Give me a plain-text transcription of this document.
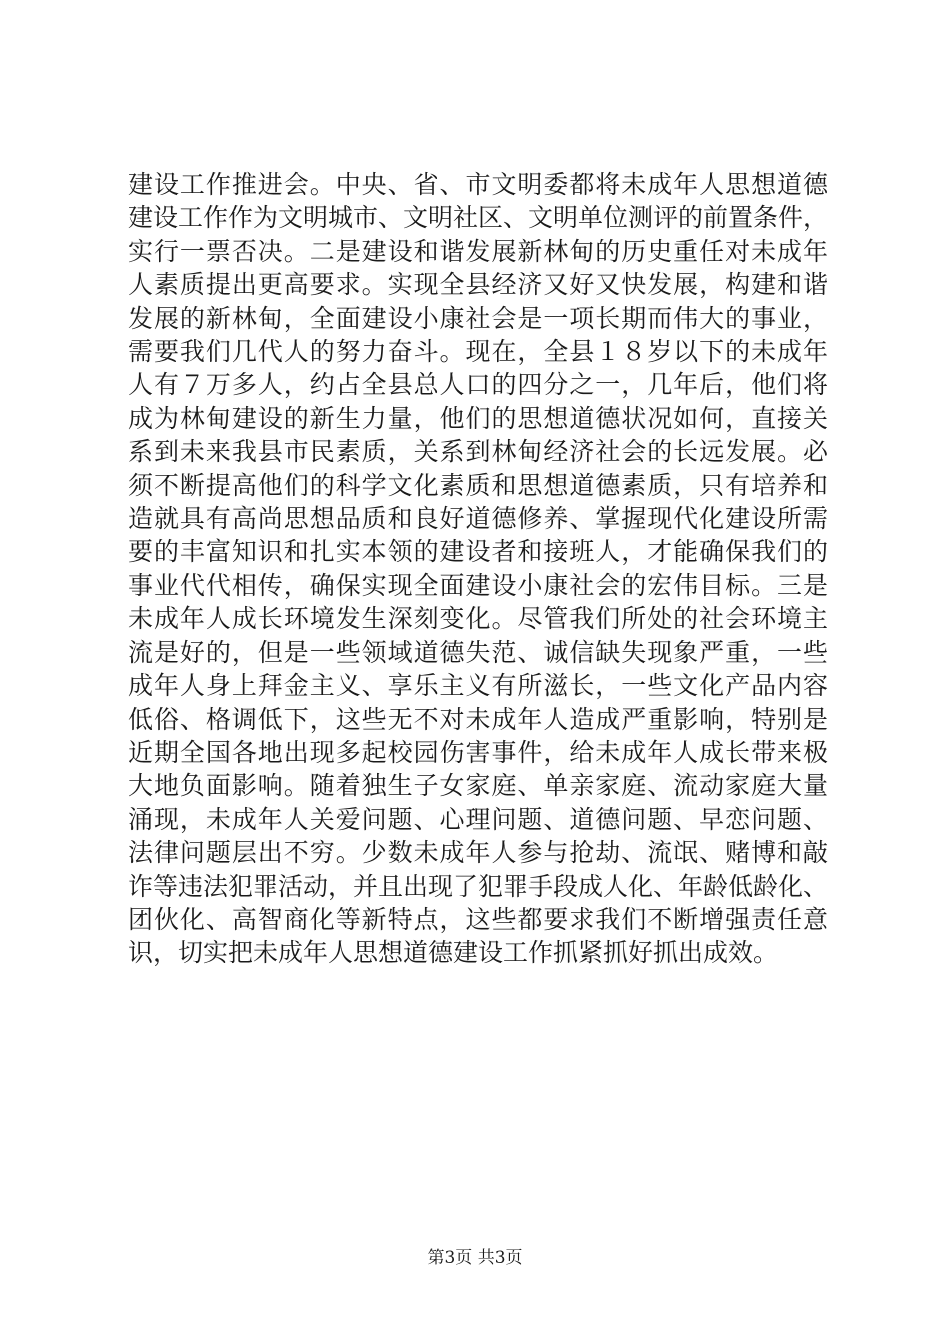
建设工作推进会。中央、省、市文明委都将未成年人思想道德
建设工作作为文明城市、文明社区、文明单位测评的前置条件，
实行一票否决。二是建设和谐发展新林甸的历史重任对未成年
人素质提出更高要求。实现全县经济又好又快发展，构建和谐
发展的新林甸，全面建设小康社会是一项长期而伟大的事业，
需要我们几代人的努力奋斗。现在，全县１８岁以下的未成年
人有７万多人，约占全县总人口的四分之一，几年后，他们将
成为林甸建设的新生力量，他们的思想道德状况如何，直接关
系到未来我县市民素质，关系到林甸经济社会的长远发展。必
须不断提高他们的科学文化素质和思想道德素质，只有培养和
造就具有高尚思想品质和良好道德修养、掌握现代化建设所需
要的丰富知识和扎实本领的建设者和接班人，才能确保我们的
事业代代相传，确保实现全面建设小康社会的宏伟目标。三是
未成年人成长环境发生深刻变化。尽管我们所处的社会环境主
流是好的，但是一些领域道德失范、诚信缺失现象严重，一些
成年人身上拜金主义、享乐主义有所滋长，一些文化产品内容
低俗、格调低下，这些无不对未成年人造成严重影响，特别是
近期全国各地出现多起校园伤害事件，给未成年人成长带来极
大地负面影响。随着独生子女家庭、单亲家庭、流动家庭大量
涌现，未成年人关爱问题、心理问题、道德问题、早恋问题、
法律问题层出不穷。少数未成年人参与抢劫、流氓、赌博和敲
诈等违法犯罪活动，并且出现了犯罪手段成人化、年龄低龄化、
团伙化、高智商化等新特点，这些都要求我们不断增强责任意
识，切实把未成年人思想道德建设工作抓紧抓好抓出成效。

第3页 共3页
